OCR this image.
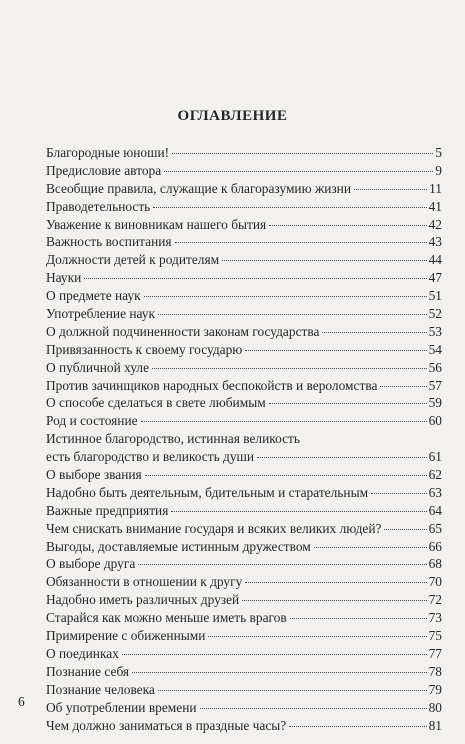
ОГЛАВЛЕНИЕ
Благородные юноши!	5
Предисловие автора	9
Всеобщие правила, служащие к благоразумию жизни	11
Праводетельность	41
Уважение к виновникам нашего бытия	42
Важность воспитания	43
Должности детей к родителям	44
Науки	47
О предмете наук	51
Употребление наук	52
О должной подчиненности законам государства	53
Привязанность к своему государю	54
О публичной хуле	56
Против зачинщиков народных беспокойств и вероломства	57
О способе сделаться в свете любимым	59
Род и состояние	60
Истинное благородство, истинная великость
есть благородство и великость души	61
О выборе звания	62
Надобно быть деятельным, бдительным и старательным	63
Важные предприятия	64
Чем снискать внимание государя и всяких великих людей?	65
Выгоды, доставляемые истинным дружеством	66
О выборе друга	68
Обязанности в отношении к другу	70
Надобно иметь различных друзей	72
Старайся как можно меньше иметь врагов	73
Примирение с обиженными	75
О поединках	77
Познание себя	78
Познание человека	79
Об употреблении времени	80
Чем должно заниматься в праздные часы?	81
6
